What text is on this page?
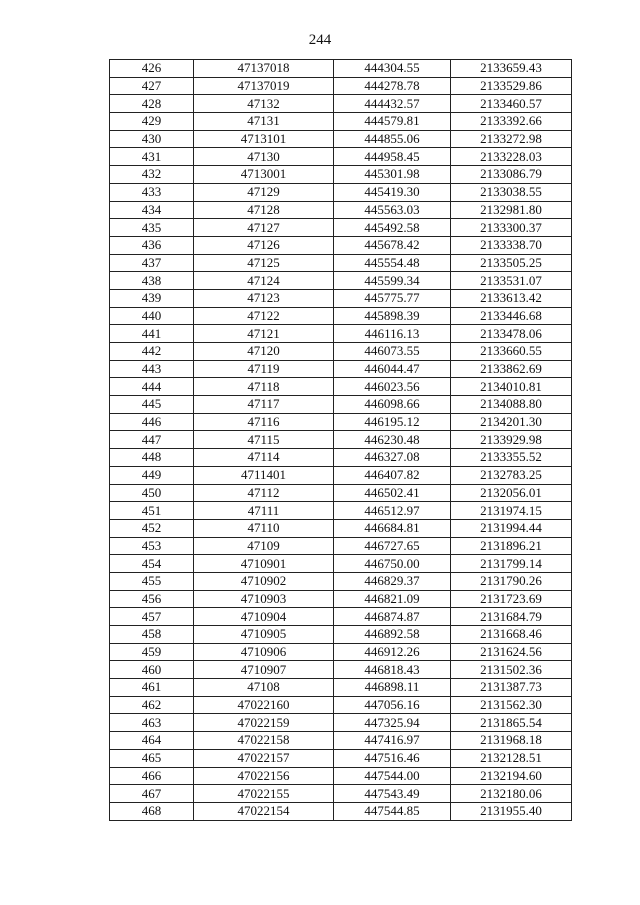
244
426	47137018	444304.55	2133659.43
427	47137019	444278.78	2133529.86
428	47132	444432.57	2133460.57
429	47131	444579.81	2133392.66
430	4713101	444855.06	2133272.98
431	47130	444958.45	2133228.03
432	4713001	445301.98	2133086.79
433	47129	445419.30	2133038.55
434	47128	445563.03	2132981.80
435	47127	445492.58	2133300.37
436	47126	445678.42	2133338.70
437	47125	445554.48	2133505.25
438	47124	445599.34	2133531.07
439	47123	445775.77	2133613.42
440	47122	445898.39	2133446.68
441	47121	446116.13	2133478.06
442	47120	446073.55	2133660.55
443	47119	446044.47	2133862.69
444	47118	446023.56	2134010.81
445	47117	446098.66	2134088.80
446	47116	446195.12	2134201.30
447	47115	446230.48	2133929.98
448	47114	446327.08	2133355.52
449	4711401	446407.82	2132783.25
450	47112	446502.41	2132056.01
451	47111	446512.97	2131974.15
452	47110	446684.81	2131994.44
453	47109	446727.65	2131896.21
454	4710901	446750.00	2131799.14
455	4710902	446829.37	2131790.26
456	4710903	446821.09	2131723.69
457	4710904	446874.87	2131684.79
458	4710905	446892.58	2131668.46
459	4710906	446912.26	2131624.56
460	4710907	446818.43	2131502.36
461	47108	446898.11	2131387.73
462	47022160	447056.16	2131562.30
463	47022159	447325.94	2131865.54
464	47022158	447416.97	2131968.18
465	47022157	447516.46	2132128.51
466	47022156	447544.00	2132194.60
467	47022155	447543.49	2132180.06
468	47022154	447544.85	2131955.40
